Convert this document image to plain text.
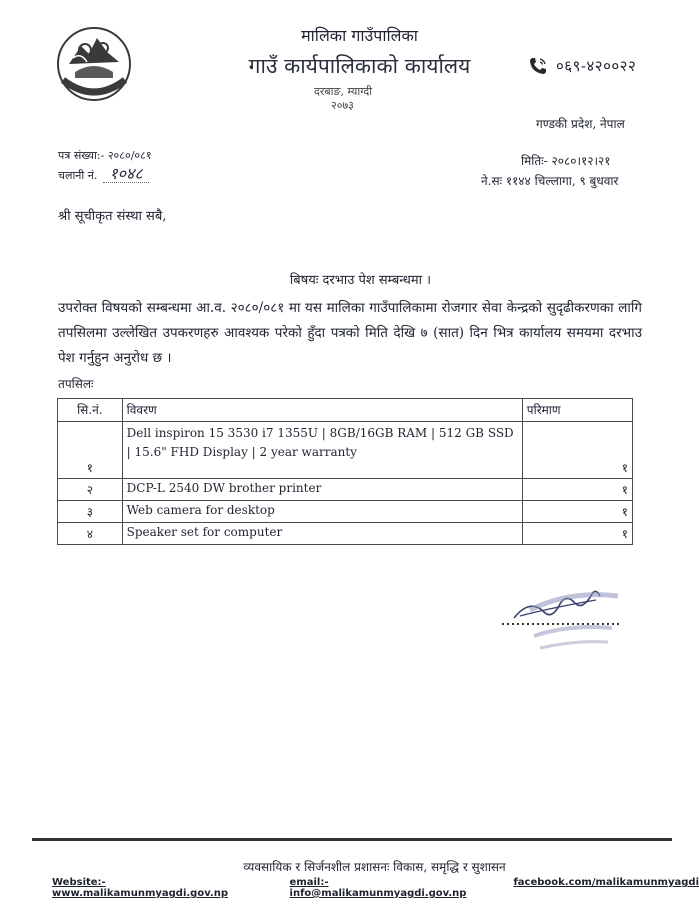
मालिका गाउँपालिका
गाउँ कार्यपालिकाको कार्यालय
दरबाङ, म्याग्दी
२०७३
०६९-४२००२२
गण्डकी प्रदेश, नेपाल
पत्र संख्या:- २०८०/०८१
चलानी नं. १०४८
मितिः- २०८०।१२।२१
ने.सः ११४४ चिल्लागा, ९ बुधवार
श्री सूचीकृत संस्था सबै,
बिषयः दरभाउ पेश सम्बन्धमा ।
उपरोक्त विषयको सम्बन्धमा आ.व. २०८०/०८१ मा यस मालिका गाउँपालिकामा रोजगार सेवा केन्द्रको सुदृढीकरणका लागि तपसिलमा उल्लेखित उपकरणहरु आवश्यक परेको हुँदा पत्रको मिति देखि ७ (सात) दिन भित्र कार्यालय समयमा दरभाउ पेश गर्नुहुन अनुरोध छ ।
तपसिलः
सि.नं.	विवरण	परिमाण
१	Dell inspiron 15 3530 i7 1355U | 8GB/16GB RAM | 512 GB SSD
| 15.6" FHD Display | 2 year warranty	१
२	DCP-L 2540 DW brother printer	१
३	Web camera for desktop	१
४	Speaker set for computer	१
व्यवसायिक र सिर्जनशील प्रशासनः विकास, समृद्धि र सुशासन
Website:-www.malikamunmyagdi.gov.np
email:-info@malikamunmyagdi.gov.np
facebook.com/malikamunmyagdi
